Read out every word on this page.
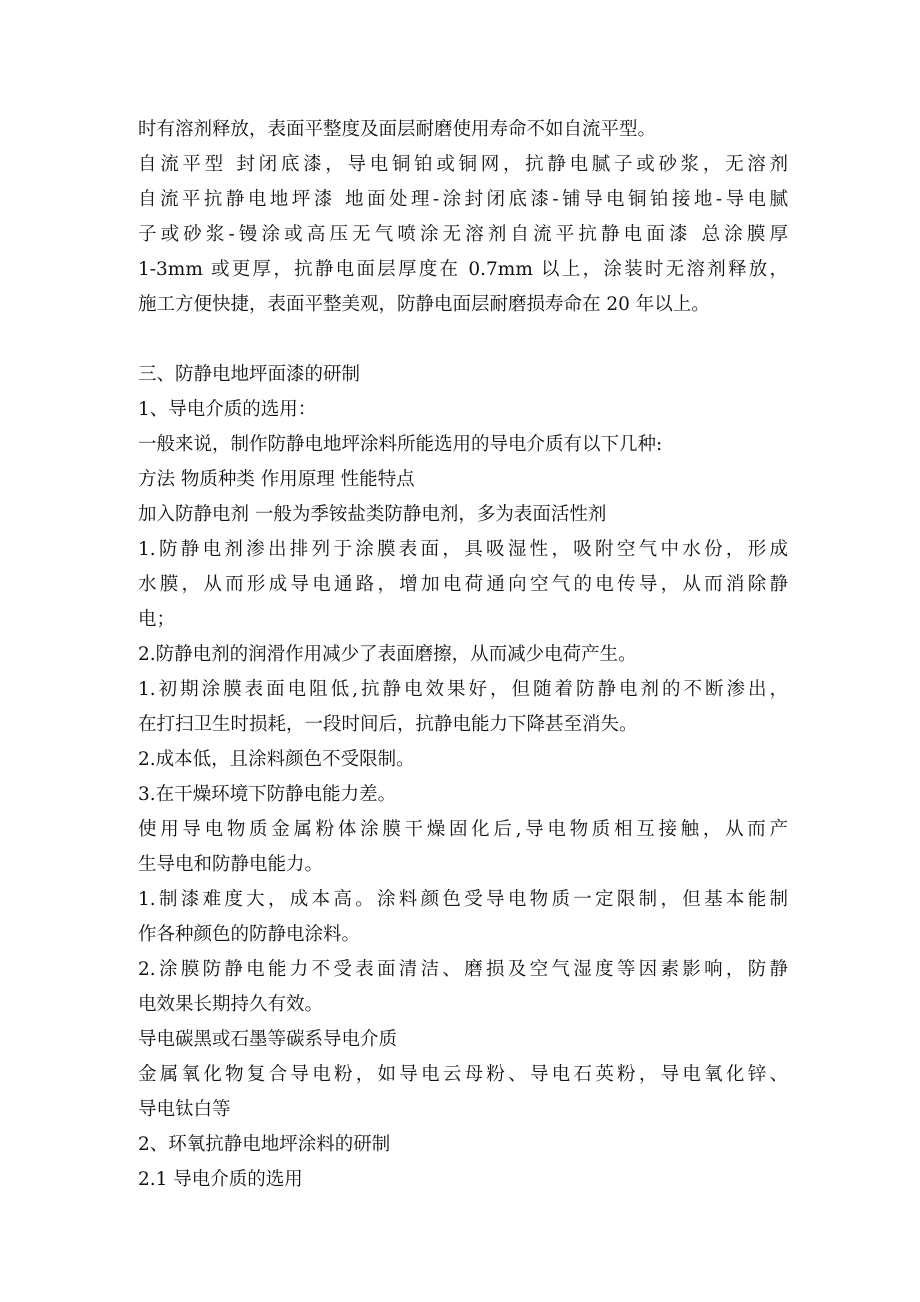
时有溶剂释放，表面平整度及面层耐磨使用寿命不如自流平型。
自流平型 封闭底漆，导电铜铂或铜网，抗静电腻子或砂浆，无溶剂
自流平抗静电地坪漆 地面处理-涂封闭底漆-铺导电铜铂接地-导电腻
子或砂浆-镘涂或高压无气喷涂无溶剂自流平抗静电面漆 总涂膜厚
1-3mm 或更厚，抗静电面层厚度在 0.7mm 以上，涂装时无溶剂释放，
施工方便快捷，表面平整美观，防静电面层耐磨损寿命在 20 年以上。
三、防静电地坪面漆的研制
1、导电介质的选用：
一般来说，制作防静电地坪涂料所能选用的导电介质有以下几种:
方法 物质种类 作用原理 性能特点
加入防静电剂 一般为季铵盐类防静电剂，多为表面活性剂
1.防静电剂渗出排列于涂膜表面，具吸湿性，吸附空气中水份，形成
水膜，从而形成导电通路，增加电荷通向空气的电传导，从而消除静
电；
2.防静电剂的润滑作用减少了表面磨擦，从而减少电荷产生。
1.初期涂膜表面电阻低,抗静电效果好，但随着防静电剂的不断渗出，
在打扫卫生时损耗，一段时间后，抗静电能力下降甚至消失。
2.成本低，且涂料颜色不受限制。
3.在干燥环境下防静电能力差。
使用导电物质金属粉体涂膜干燥固化后,导电物质相互接触，从而产
生导电和防静电能力。
1.制漆难度大，成本高。涂料颜色受导电物质一定限制，但基本能制
作各种颜色的防静电涂料。
2.涂膜防静电能力不受表面清洁、磨损及空气湿度等因素影响，防静
电效果长期持久有效。
导电碳黑或石墨等碳系导电介质
金属氧化物复合导电粉，如导电云母粉、导电石英粉，导电氧化锌、
导电钛白等
2、环氧抗静电地坪涂料的研制
2.1 导电介质的选用
